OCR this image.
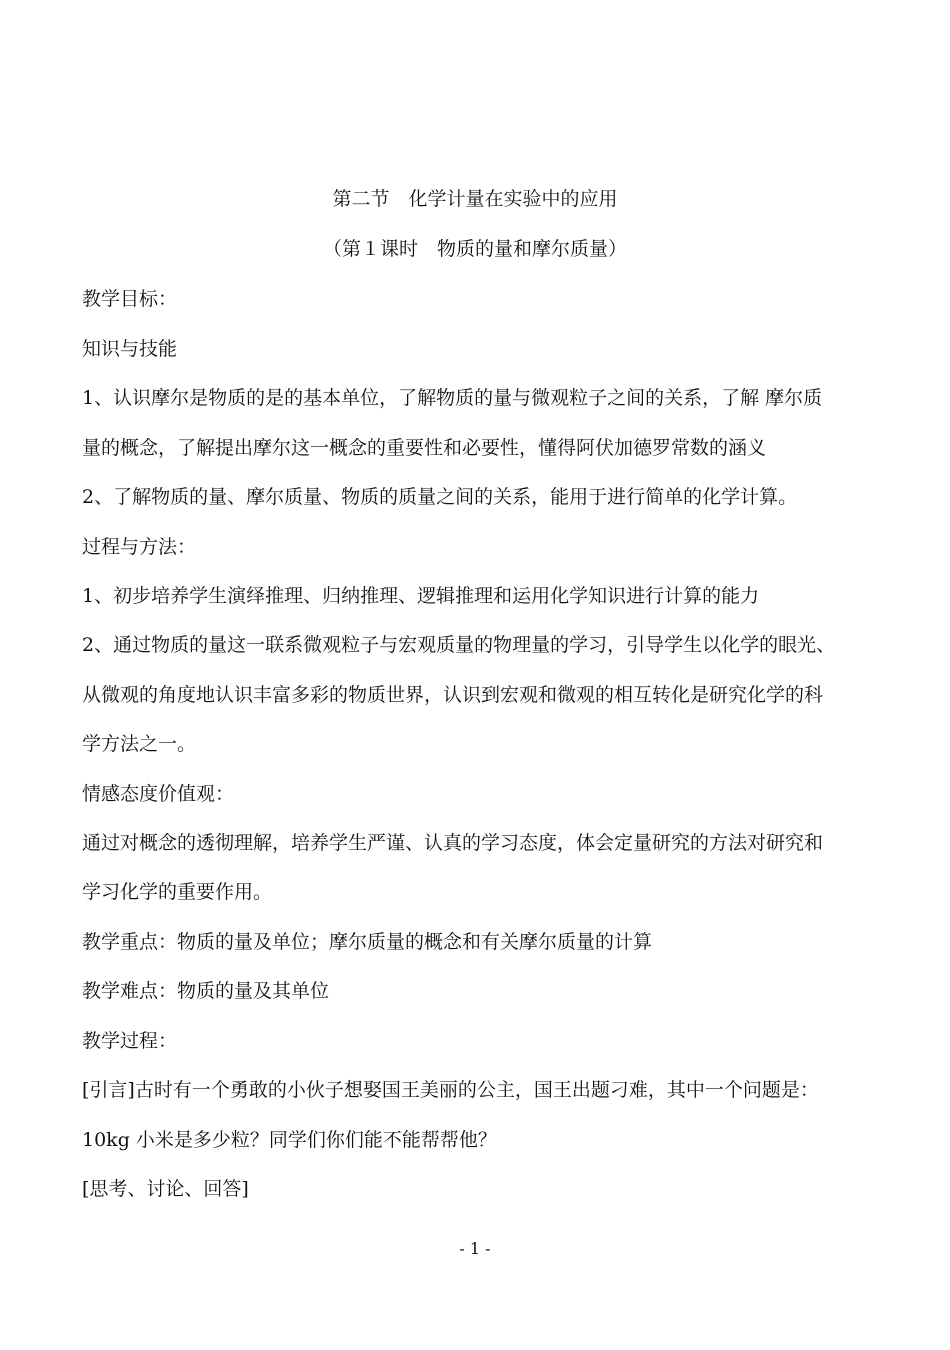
第二节　化学计量在实验中的应用
（第１课时　物质的量和摩尔质量）
教学目标：
知识与技能
1、认识摩尔是物质的是的基本单位，了解物质的量与微观粒子之间的关系，了解 摩尔质
量的概念，了解提出摩尔这一概念的重要性和必要性，懂得阿伏加德罗常数的涵义
2、了解物质的量、摩尔质量、物质的质量之间的关系，能用于进行简单的化学计算。
过程与方法：
1、初步培养学生演绎推理、归纳推理、逻辑推理和运用化学知识进行计算的能力
2、通过物质的量这一联系微观粒子与宏观质量的物理量的学习，引导学生以化学的眼光、
从微观的角度地认识丰富多彩的物质世界，认识到宏观和微观的相互转化是研究化学的科
学方法之一。
情感态度价值观：
通过对概念的透彻理解，培养学生严谨、认真的学习态度，体会定量研究的方法对研究和
学习化学的重要作用。
教学重点：物质的量及单位；摩尔质量的概念和有关摩尔质量的计算
教学难点：物质的量及其单位
教学过程：
[引言]古时有一个勇敢的小伙子想娶国王美丽的公主，国王出题刁难，其中一个问题是：
10kg 小米是多少粒？同学们你们能不能帮帮他？
[思考、讨论、回答]
- 1 -
